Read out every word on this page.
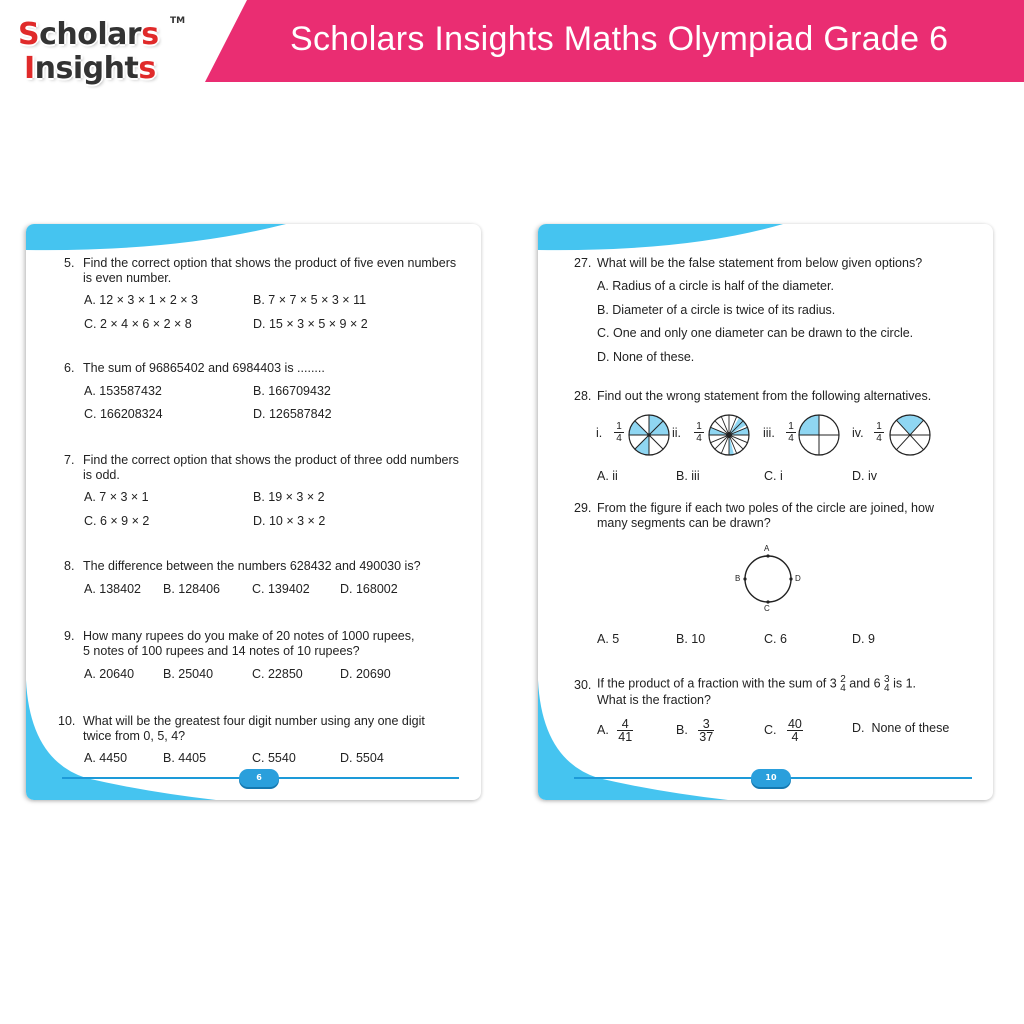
Scholars
Insights
TM	Scholars Insights Maths Olympiad Grade 6
5. Find the correct option that shows the product of five even numbers
is even number.
A. 12 × 3 × 1 × 2 × 3	B. 7 × 7 × 5 × 3 × 11
C. 2 × 4 × 6 × 2 × 8	D. 15 × 3 × 5 × 9 × 2
6. The sum of 96865402 and 6984403 is ........
A. 153587432	B. 166709432
C. 166208324	D. 126587842
7. Find the correct option that shows the product of three odd numbers
is odd.
A. 7 × 3 × 1	B. 19 × 3 × 2
C. 6 × 9 × 2	D. 10 × 3 × 2
8. The difference between the numbers 628432 and 490030 is?
A. 138402 B. 128406	C. 139402 D. 168002
9. How many rupees do you make of 20 notes of 1000 rupees,
5 notes of 100 rupees and 14 notes of 10 rupees?
A. 20640 B. 25040	C. 22850	D. 20690
10. What will be the greatest four digit number using any one digit
twice from 0, 5, 4?
A. 4450	B. 4405	C. 5540	D. 5504
6
27. What will be the false statement from below given options?
A. Radius of a circle is half of the diameter.
B. Diameter of a circle is twice of its radius.
C. One and only one diameter can be drawn to the circle.
D. None of these.
28. Find out the wrong statement from the following alternatives.
i. $\frac{1}{4}$	ii. $\frac{1}{4}$	iii. $\frac{1}{4}$	iv. $\frac{1}{4}$
A. ii	B. iii	C. i	D. iv
29. From the figure if each two poles of the circle are joined, how
many segments can be drawn?
A
B
C
D
A. 5	B. 10	C. 6	D. 9
30. If the product of a fraction with the sum of 3 2
4 and 6 3
4 is 1.
What is the fraction?
A. $\frac{4}{41}$	B. $\frac{3}{37}$	C. $\frac{40}{4}$	D. None of these
10
